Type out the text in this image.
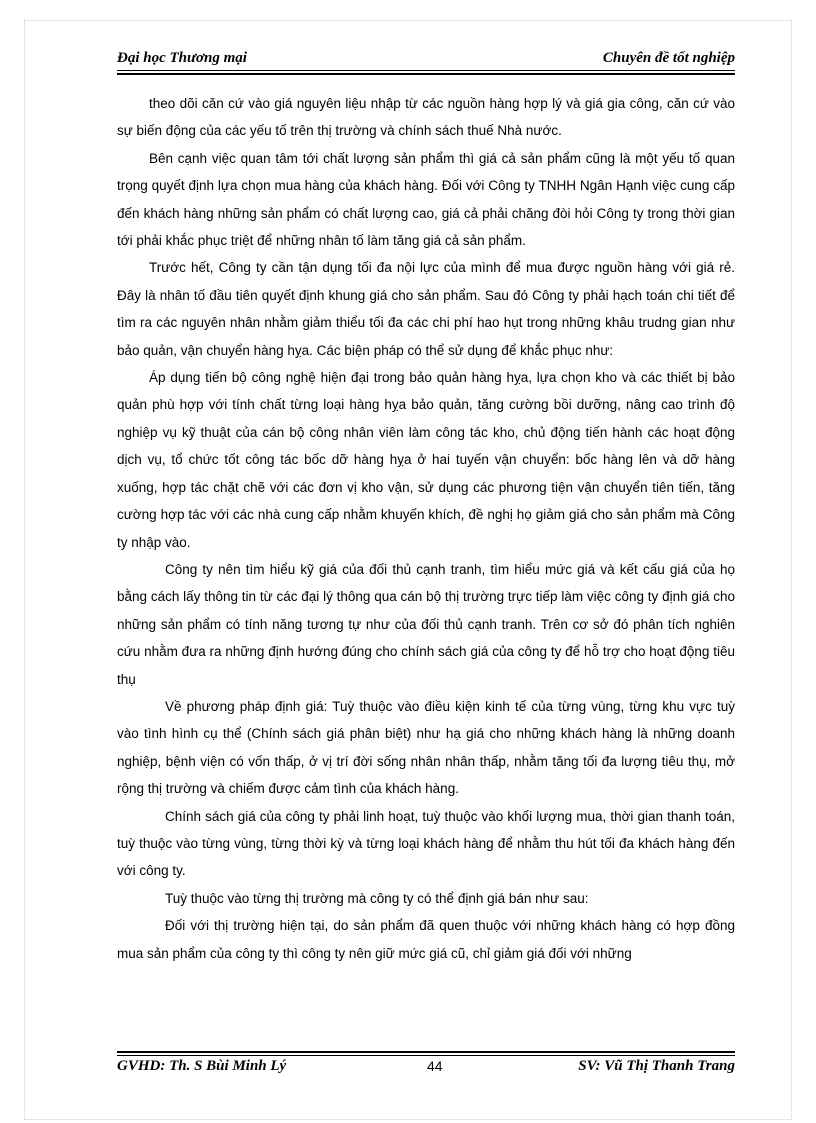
Đại học Thương mại	Chuyên đề tốt nghiệp

theo dõi căn cứ vào giá nguyên liệu nhập từ các nguồn hàng hợp lý và giá gia công, căn cứ vào sự biến động của các yếu tố trên thị trường và chính sách thuế Nhà nước.

Bên cạnh việc quan tâm tới chất lượng sản phẩm thì giá cả sản phẩm cũng là một yếu tố quan trọng quyết định lựa chọn mua hàng của khách hàng. Đối với Công ty TNHH Ngân Hạnh việc cung cấp đến khách hàng những sản phẩm có chất lượng cao, giá cả phải chăng đòi hỏi Công ty trong thời gian tới phải khắc phục triệt để những nhân tố làm tăng giá cả sản phẩm.

Trước hết, Công ty cần tận dụng tối đa nội lực của mình để mua được nguồn hàng với giá rẻ. Đây là nhân tố đầu tiên quyết định khung giá cho sản phẩm. Sau đó Công ty phải hạch toán chi tiết để tìm ra các nguyên nhân nhằm giảm thiểu tối đa các chi phí hao hụt trong những khâu trudng gian như bảo quản, vận chuyển hàng hỵa. Các biện pháp có thể sử dụng để khắc phục như:

Áp dụng tiến bộ công nghệ hiện đại trong bảo quản hàng hỵa, lựa chọn kho và các thiết bị bảo quản phù hợp với tính chất từng loại hàng hỵa bảo quản, tăng cường bồi dưỡng, nâng cao trình độ nghiệp vụ kỹ thuật của cán bộ công nhân viên làm công tác kho, chủ động tiến hành các hoạt động dịch vụ, tổ chức tốt công tác bốc dỡ hàng hỵa ở hai tuyến vận chuyển: bốc hàng lên và dỡ hàng xuống, hợp tác chặt chẽ với các đơn vị kho vận, sử dụng các phương tiện vận chuyển tiên tiến, tăng cường hợp tác với các nhà cung cấp nhằm khuyến khích, đề nghị họ giảm giá cho sản phẩm mà Công ty nhập vào.

Công ty nên tìm hiểu kỹ giá của đối thủ cạnh tranh, tìm hiểu mức giá và kết cấu giá của họ bằng cách lấy thông tin từ các đại lý thông qua cán bộ thị trường trực tiếp làm việc công ty định giá cho những sản phẩm có tính năng tương tự như của đối thủ cạnh tranh. Trên cơ sở đó phân tích nghiên cứu nhằm đưa ra những định hướng đúng cho chính sách giá của công ty để hỗ trợ cho hoạt động tiêu thụ

Về phương pháp định giá: Tuỳ thuộc vào điều kiện kinh tế của từng vùng, từng khu vực tuỳ vào tình hình cụ thể (Chính sách giá phân biệt) như hạ giá cho những khách hàng là những doanh nghiệp, bệnh viện có vốn thấp, ở vị trí đời sống nhân nhân thấp, nhằm tăng tối đa lượng tiêu thụ, mở rộng thị trường và chiếm được cảm tình của khách hàng.

Chính sách giá của công ty phải linh hoạt, tuỳ thuộc vào khối lượng mua, thời gian thanh toán, tuỳ thuộc vào từng vùng, từng thời kỳ và từng loại khách hàng để nhằm thu hút tối đa khách hàng đến với công ty.

Tuỳ thuộc vào từng thị trường mà công ty có thể định giá bán như sau:

Đối với thị trường hiện tại, do sản phẩm đã quen thuộc với những khách hàng có hợp đồng mua sản phẩm của công ty thì công ty nên giữ mức giá cũ, chỉ giảm giá đối với những

GVHD: Th. S Bùi Minh Lý	44	SV: Vũ Thị Thanh Trang
